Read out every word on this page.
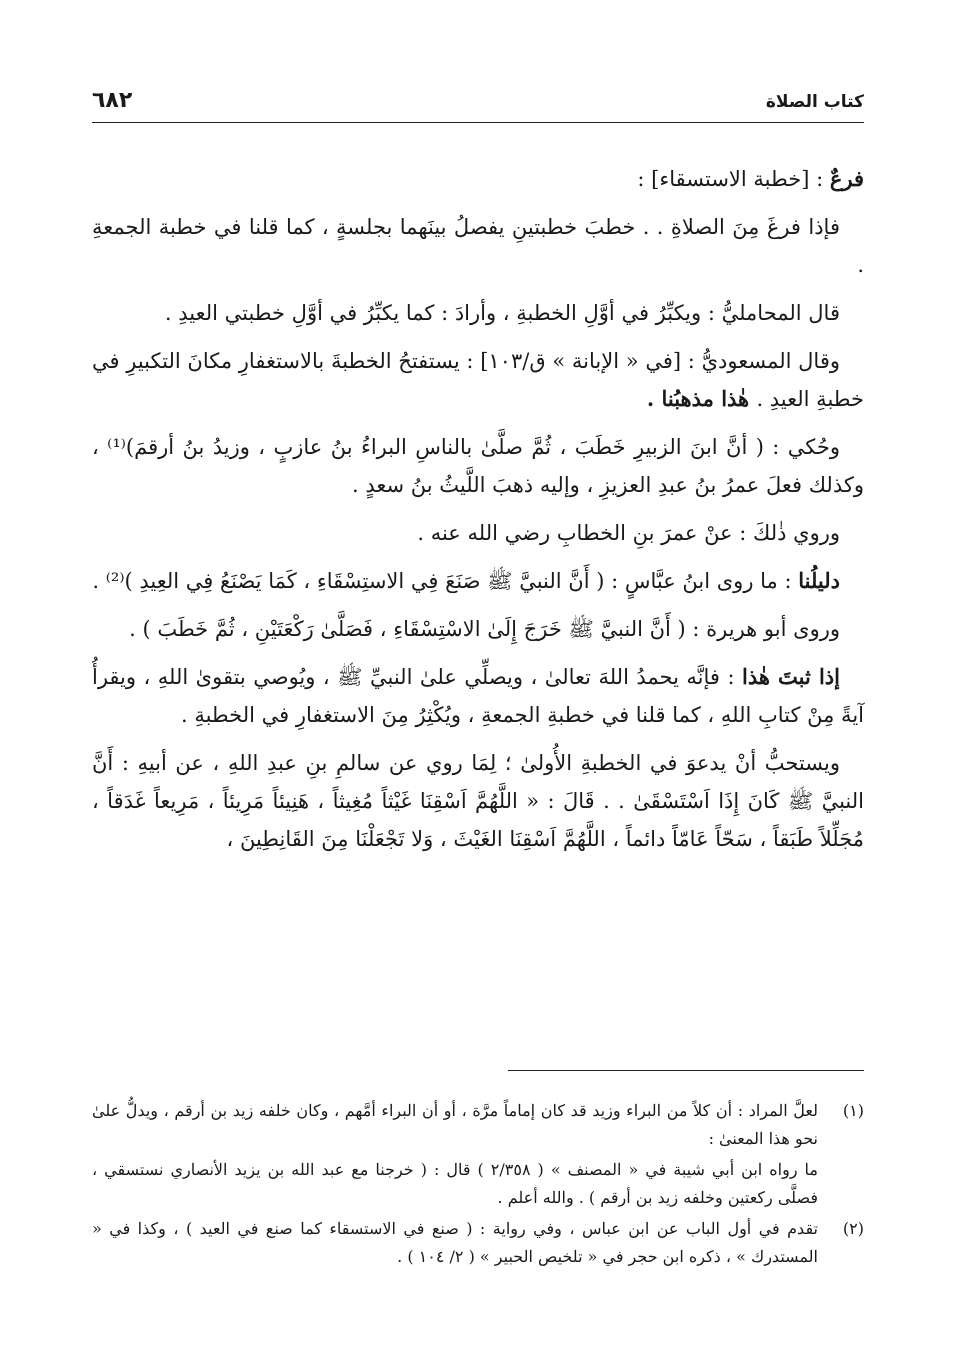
كتاب الصلاة
٦٨٢

فرعٌ : [خطبة الاستسقاء] :

فإذا فرغَ مِنَ الصلاةِ . . خطبَ خطبتينِ يفصلُ بينَهما بجلسةٍ ، كما قلنا في خطبة الجمعةِ .

قال المحامليُّ : ويكبِّرُ في أوَّلِ الخطبةِ ، وأرادَ : كما يكبِّرُ في أوَّلِ خطبتي العيدِ .

وقال المسعوديُّ : [في « الإبانة » ق/١٠٣] : يستفتحُ الخطبةَ بالاستغفارِ مكانَ التكبيرِ في خطبةِ العيدِ . هٰذا مذهبُنا .

وحُكي : ( أنَّ ابنَ الزبيرِ خَطَبَ ، ثُمَّ صلَّىٰ بالناسِ البراءُ بنُ عازبٍ ، وزيدُ بنُ أرقمَ)⁽¹⁾ ، وكذلك فعلَ عمرُ بنُ عبدِ العزيزِ ، وإليه ذهبَ اللَّيثُ بنُ سعدٍ .

وروي ذٰلكَ : عنْ عمرَ بنِ الخطابِ رضي الله عنه .

دليلُنا : ما روى ابنُ عبَّاسٍ : ( أَنَّ النبيَّ ﷺ صَنَعَ فِي الاستِسْقَاءِ ، كَمَا يَصْنَعُ فِي العِيدِ )⁽²⁾ .

وروى أبو هريرة : ( أَنَّ النبيَّ ﷺ خَرَجَ إِلَىٰ الاسْتِسْقَاءِ ، فَصَلَّىٰ رَكْعَتَيْنِ ، ثُمَّ خَطَبَ ) .

إذا ثبتَ هٰذا : فإنَّه يحمدُ اللهَ تعالىٰ ، ويصلِّي علىٰ النبيِّ ﷺ ، ويُوصي بتقوىٰ اللهِ ، ويقرأُ آيةً مِنْ كتابِ اللهِ ، كما قلنا في خطبةِ الجمعةِ ، ويُكْثِرُ مِنَ الاستغفارِ في الخطبةِ .

ويستحبُّ أنْ يدعوَ في الخطبةِ الأُولىٰ ؛ لِمَا روي عن سالمِ بنِ عبدِ اللهِ ، عن أبيهِ : أَنَّ النبيَّ ﷺ كَانَ إِذَا اَسْتَسْقَىٰ . . قَالَ : « اللَّهُمَّ اَسْقِنَا غَيْثاً مُغِيثاً ، هَنِيئاً مَرِيئاً ، مَرِيعاً غَدَقاً ، مُجَلِّلاً طَبَقاً ، سَحّاً عَامّاً دائماً ، اللَّهُمَّ اَسْقِنَا الغَيْثَ ، وَلا تَجْعَلْنَا مِنَ القَانِطِينَ ،

(١)
لعلَّ المراد : أن كلاً من البراء وزيد قد كان إماماً مرَّة ، أو أن البراء أمَّهم ، وكان خلفه زيد بن أرقم ، ويدلُّ علىٰ نحو هذا المعنىٰ :

ما رواه ابن أبي شيبة في « المصنف » ( ٢/٣٥٨ ) قال : ( خرجنا مع عبد الله بن يزيد الأنصاري نستسقي ، فصلَّى ركعتين وخلفه زيد بن أرقم ) . والله أعلم .

(٢)
تقدم في أول الباب عن ابن عباس ، وفي رواية : ( صنع في الاستسقاء كما صنع في العيد ) ، وكذا في « المستدرك » ، ذكره ابن حجر في « تلخيص الحبير » ( ٢/ ١٠٤ ) .
